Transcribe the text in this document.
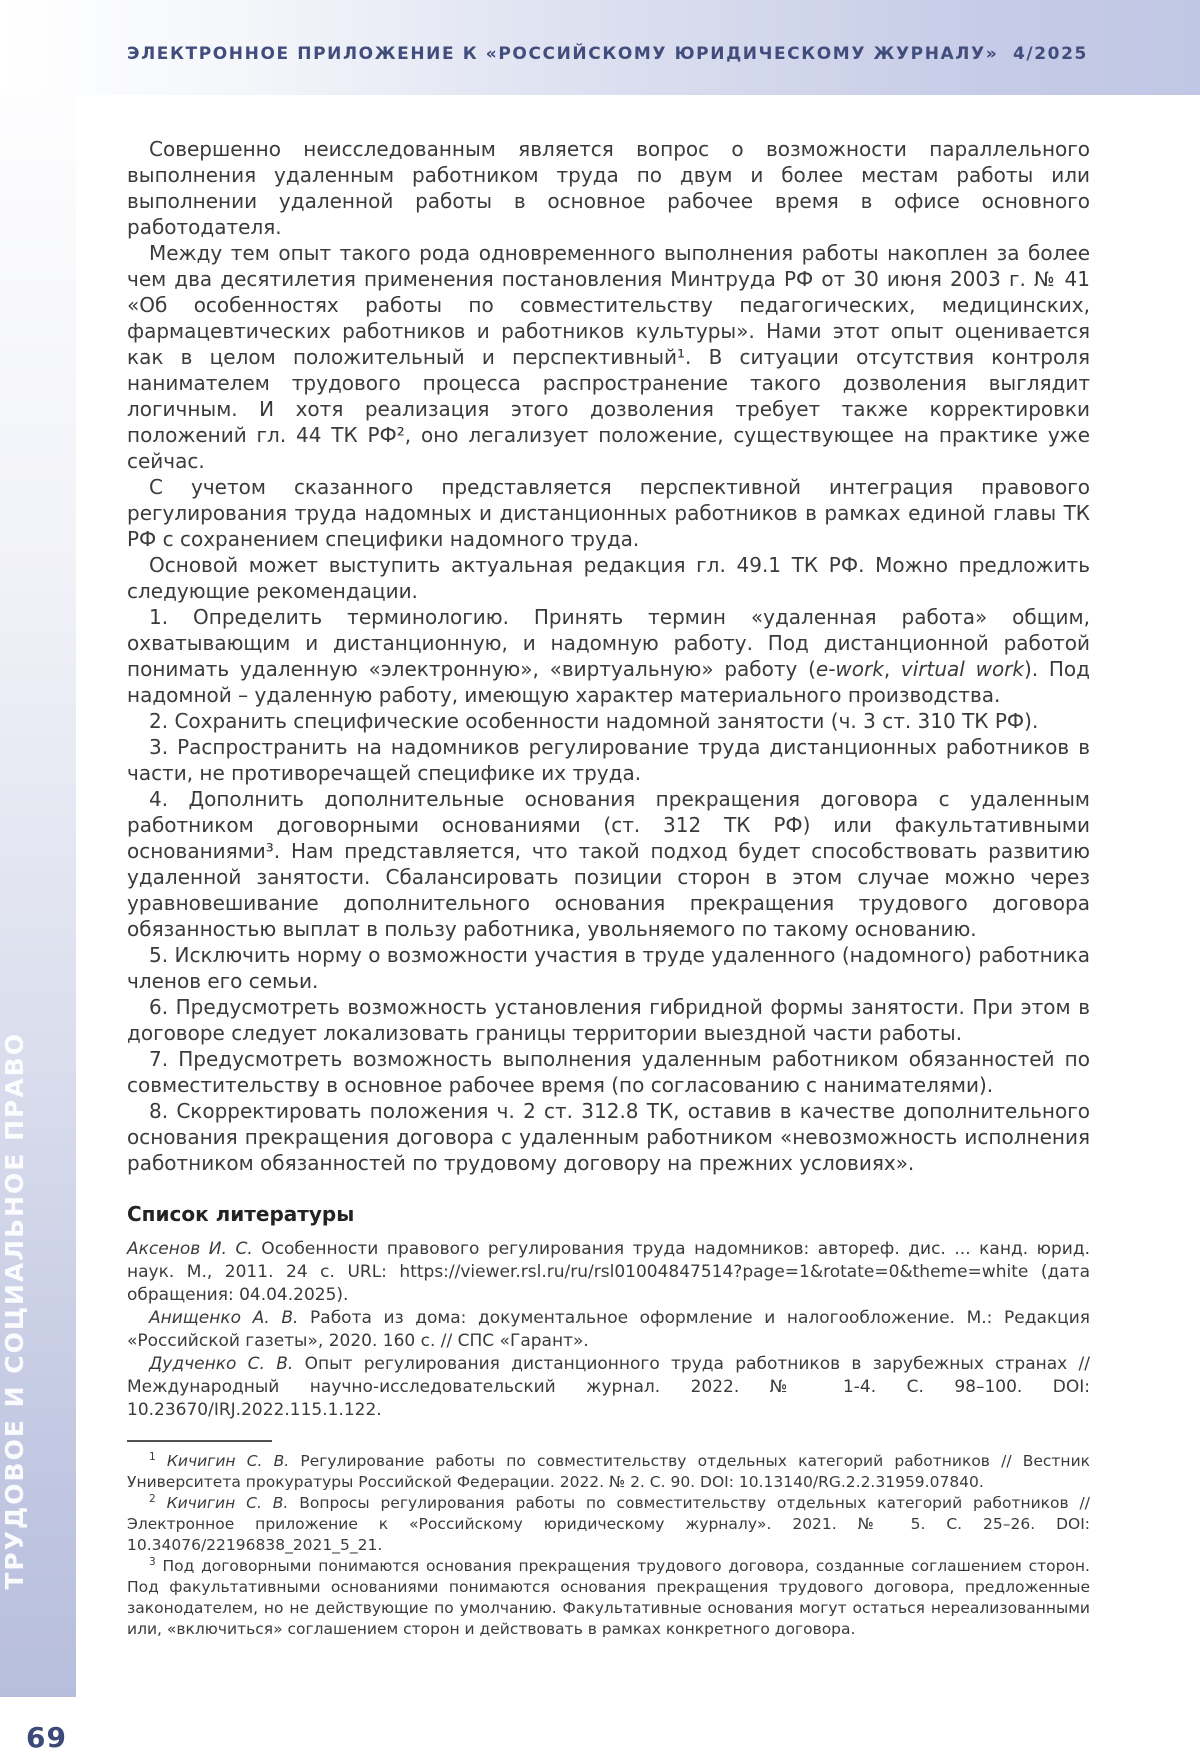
ЭЛЕКТРОННОЕ ПРИЛОЖЕНИЕ К «РОССИЙСКОМУ ЮРИДИЧЕСКОМУ ЖУРНАЛУ» 4/2025
ТРУДОВОЕ И СОЦИАЛЬНОЕ ПРАВО
69

Совершенно неисследованным является вопрос о возможности параллельного выполнения удаленным работником труда по двум и более местам работы или выполнении удаленной работы в основное рабочее время в офисе основного работодателя.

Между тем опыт такого рода одновременного выполнения работы накоплен за более чем два десятилетия применения постановления Минтруда РФ от 30 июня 2003 г. № 41 «Об особенностях работы по совместительству педагогических, медицинских, фармацевтических работников и работников культуры». Нами этот опыт оценивается как в целом положительный и перспективный¹. В ситуации отсутствия контроля нанимателем трудового процесса распространение такого дозволения выглядит логичным. И хотя реализация этого дозволения требует также корректировки положений гл. 44 ТК РФ², оно легализует положение, существующее на практике уже сейчас.

С учетом сказанного представляется перспективной интеграция правового регулирования труда надомных и дистанционных работников в рамках единой главы ТК РФ с сохранением специфики надомного труда.

Основой может выступить актуальная редакция гл. 49.1 ТК РФ. Можно предложить следующие рекомендации.

1. Определить терминологию. Принять термин «удаленная работа» общим, охватывающим и дистанционную, и надомную работу. Под дистанционной работой понимать удаленную «электронную», «виртуальную» работу (e-work, virtual work). Под надомной – удаленную работу, имеющую характер материального производства.

2. Сохранить специфические особенности надомной занятости (ч. 3 ст. 310 ТК РФ).

3. Распространить на надомников регулирование труда дистанционных работников в части, не противоречащей специфике их труда.

4. Дополнить дополнительные основания прекращения договора с удаленным работником договорными основаниями (ст. 312 ТК РФ) или факультативными основаниями³. Нам представляется, что такой подход будет способствовать развитию удаленной занятости. Сбалансировать позиции сторон в этом случае можно через уравновешивание дополнительного основания прекращения трудового договора обязанностью выплат в пользу работника, увольняемого по такому основанию.

5. Исключить норму о возможности участия в труде удаленного (надомного) работника членов его семьи.

6. Предусмотреть возможность установления гибридной формы занятости. При этом в договоре следует локализовать границы территории выездной части работы.

7. Предусмотреть возможность выполнения удаленным работником обязанностей по совместительству в основное рабочее время (по согласованию с нанимателями).

8. Скорректировать положения ч. 2 ст. 312.8 ТК, оставив в качестве дополнительного основания прекращения договора с удаленным работником «невозможность исполнения работником обязанностей по трудовому договору на прежних условиях».

Список литературы

Аксенов И. С. Особенности правового регулирования труда надомников: автореф. дис. ... канд. юрид. наук. М., 2011. 24 с. URL: https://viewer.rsl.ru/ru/rsl01004847514?page=1&rotate=0&theme=white (дата обращения: 04.04.2025).

Анищенко А. В. Работа из дома: документальное оформление и налогообложение. М.: Редакция «Российской газеты», 2020. 160 с. // СПС «Гарант».

Дудченко С. В. Опыт регулирования дистанционного труда работников в зарубежных странах // Международный научно-исследовательский журнал. 2022. № 1-4. С. 98–100. DOI: 10.23670/IRJ.2022.115.1.122.

$^1$ Кичигин С. В. Регулирование работы по совместительству отдельных категорий работников // Вестник Университета прокуратуры Российской Федерации. 2022. № 2. С. 90. DOI: 10.13140/RG.2.2.31959.07840.

$^2$ Кичигин С. В. Вопросы регулирования работы по совместительству отдельных категорий работников // Электронное приложение к «Российскому юридическому журналу». 2021. № 5. С. 25–26. DOI: 10.34076/22196838_2021_5_21.

$^3$ Под договорными понимаются основания прекращения трудового договора, созданные соглашением сторон. Под факультативными основаниями понимаются основания прекращения трудового договора, предложенные законодателем, но не действующие по умолчанию. Факультативные основания могут остаться нереализованными или, «включиться» соглашением сторон и действовать в рамках конкретного договора.
